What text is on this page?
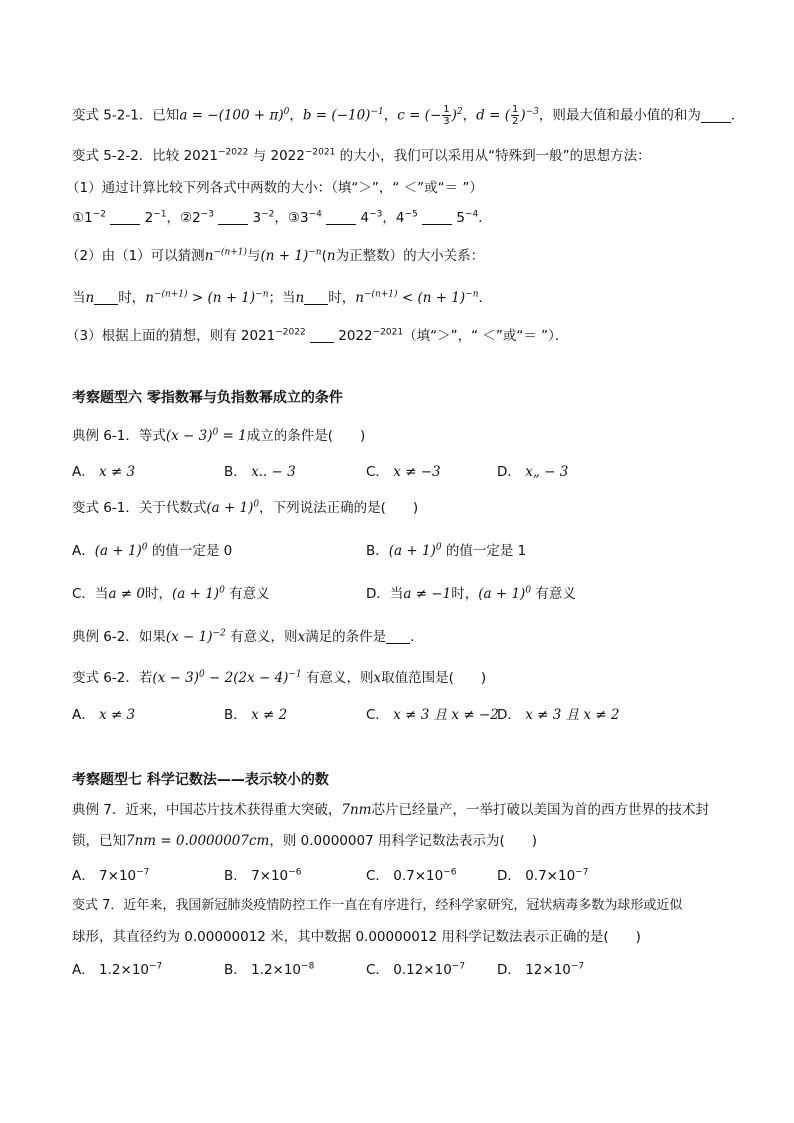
变式 5-2-1．已知$a = -(100 + \pi)^0$，$b = (-10)^{-1}$，c = (− $\frac{1}{3} )^2$，d = ( $\frac{1}{2} )^{-3}$，则最大值和最小值的和为 ．
变式 5-2-2．比较 $2021^{-2022}$ 与 $2022^{-2021}$ 的大小，我们可以采用从“特殊到一般”的思想方法：
（1）通过计算比较下列各式中两数的大小：（填“＞”，“ ＜”或“＝ ”）
$①1^{-2}$	$2^{-1}$，$②2^{-3}$	$3^{-2}$，$③3^{-4}$	$4^{-3}$，$4^{-5}$	$5^{-4}$．
（2）由（1）可以猜测$n^{-(n+1)}$与$(n + 1)^{-n}(n$为正整数）的大小关系：
当n 时，$n^{-(n+1)} > (n + 1)^{-n}$；当n 时，$n^{-(n+1)} < (n + 1)^{-n}$．
（3）根据上面的猜想，则有 $2021^{-2022}$  $2022^{-2021}$（填“＞”，“ ＜”或“＝ ”）．
考察题型六 零指数幂与负指数幂成立的条件
典例 6-1．等式$(x - 3)^0 = 1$成立的条件是(　　)
A． x ≠ 3	B． x.. − 3	C． x ≠ −3	D． x„ − 3
变式 6-1．关于代数式$(a + 1)^0$，下列说法正确的是(　　)
A．$(a + 1)^0$ 的值一定是 0	B．$(a + 1)^0$ 的值一定是 1
C．当a ≠ 0时，$(a + 1)^0$ 有意义	D．当a ≠ −1时，$(a + 1)^0$ 有意义
典例 6-2．如果$(x - 1)^{-2}$ 有意义，则x满足的条件是 ．
变式 6-2．若$(x - 3)^0 - 2(2x - 4)^{-1}$ 有意义，则x取值范围是(　　)
A． x ≠ 3	B． x ≠ 2	C． x ≠ 3 且 x ≠ −2
D． x ≠ 3 且 x ≠ 2
考察题型七 科学记数法——表示较小的数
典例 7．近来，中国芯片技术获得重大突破，7nm芯片已经量产，一举打破以美国为首的西方世界的技术封
锁，已知7nm = 0.0000007cm，则 0.0000007 用科学记数法表示为(　　)
A． $7\times 10^{-7}$	B． $7\times 10^{-6}$	C． $0.7\times 10^{-6}$	D． $0.7\times 10^{-7}$
变式 7．近年来，我国新冠肺炎疫情防控工作一直在有序进行，经科学家研究，冠状病毒多数为球形或近似
球形，其直径约为 0.00000012 米，其中数据 0.00000012 用科学记数法表示正确的是(　　)
A． $1.2\times 10^{-7}$	B． $1.2\times 10^{-8}$	C． $0.12\times 10^{-7}$ D． $12\times 10^{-7}$
